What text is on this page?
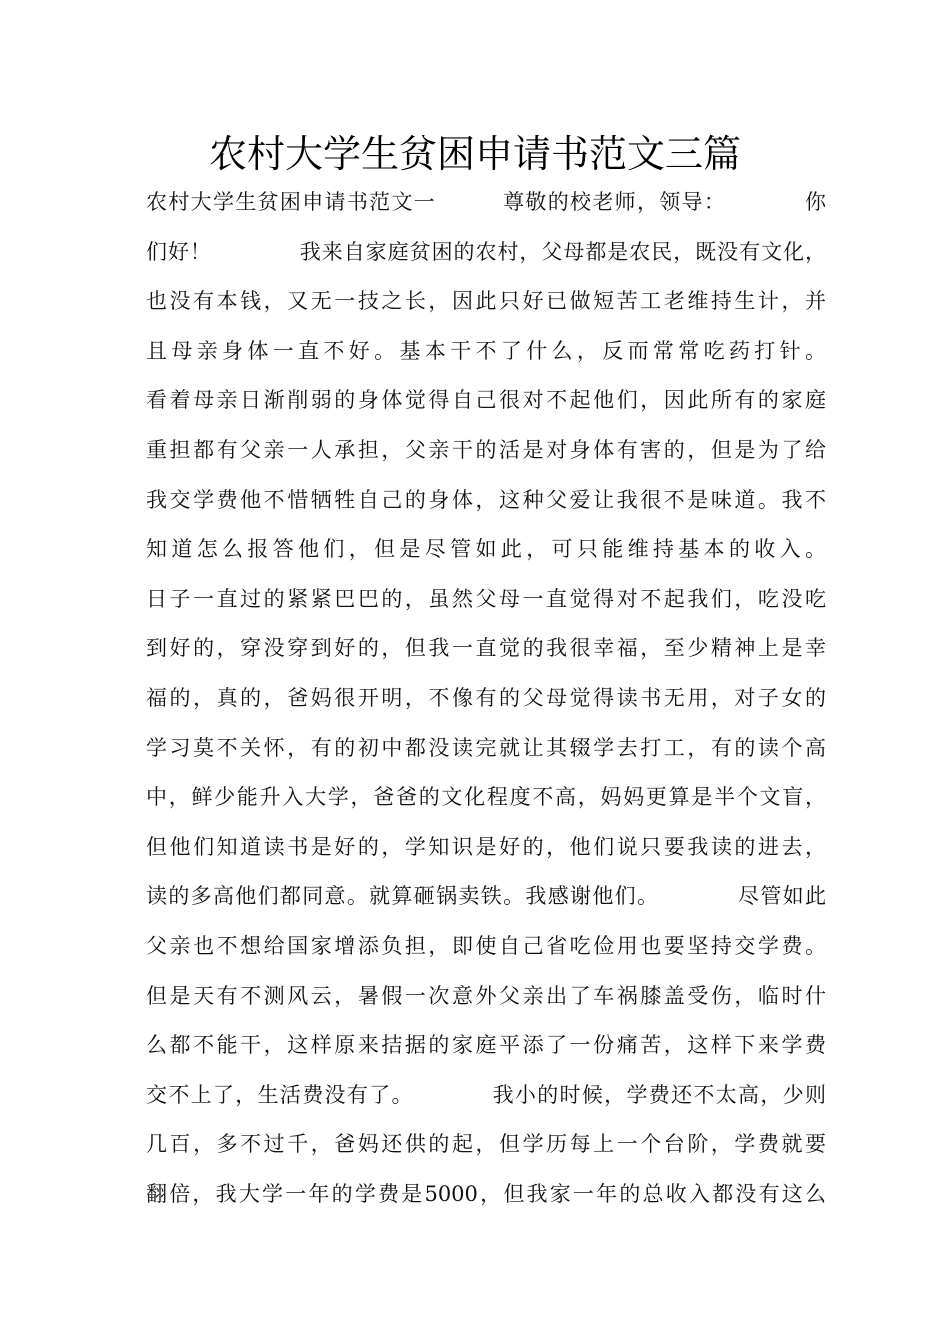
农村大学生贫困申请书范文三篇
农村大学生贫困申请书范文一　　　尊敬的校老师，领导：　　　　你
们好！　　　　我来自家庭贫困的农村，父母都是农民，既没有文化，
也没有本钱，又无一技之长，因此只好已做短苦工老维持生计，并
且母亲身体一直不好。基本干不了什么，反而常常吃药打针。
看着母亲日渐削弱的身体觉得自己很对不起他们，因此所有的家庭
重担都有父亲一人承担，父亲干的活是对身体有害的，但是为了给
我交学费他不惜牺牲自己的身体，这种父爱让我很不是味道。我不
知道怎么报答他们，但是尽管如此，可只能维持基本的收入。
日子一直过的紧紧巴巴的，虽然父母一直觉得对不起我们，吃没吃
到好的，穿没穿到好的，但我一直觉的我很幸福，至少精神上是幸
福的，真的，爸妈很开明，不像有的父母觉得读书无用，对子女的
学习莫不关怀，有的初中都没读完就让其辍学去打工，有的读个高
中，鲜少能升入大学，爸爸的文化程度不高，妈妈更算是半个文盲，
但他们知道读书是好的，学知识是好的，他们说只要我读的进去，
读的多高他们都同意。就算砸锅卖铁。我感谢他们。　　　　尽管如此
父亲也不想给国家增添负担，即使自己省吃俭用也要坚持交学费。
但是天有不测风云，暑假一次意外父亲出了车祸膝盖受伤，临时什
么都不能干，这样原来拮据的家庭平添了一份痛苦，这样下来学费
交不上了，生活费没有了。　　　　我小的时候，学费还不太高，少则
几百，多不过千，爸妈还供的起，但学历每上一个台阶，学费就要
翻倍，我大学一年的学费是5000，但我家一年的总收入都没有这么
